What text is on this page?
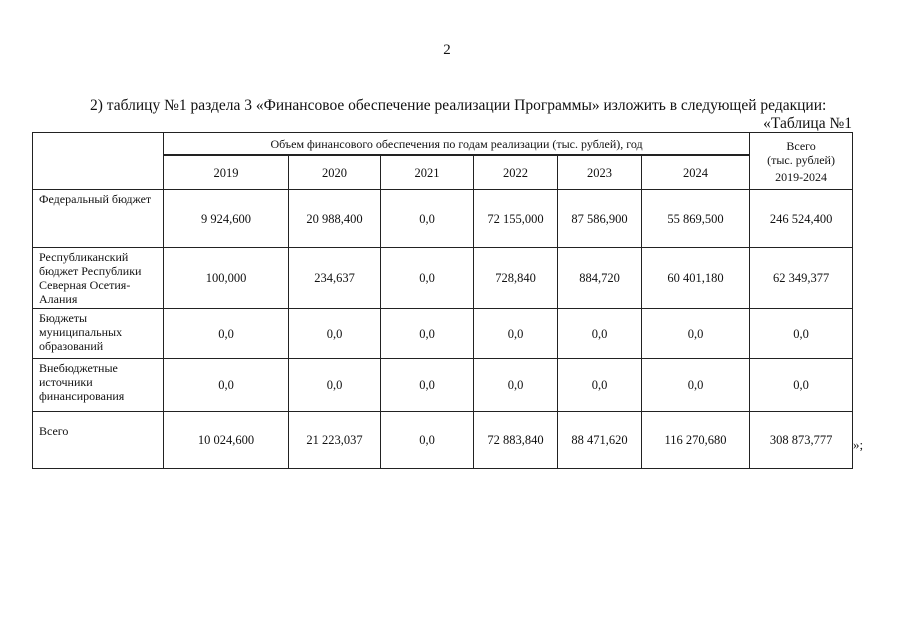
2
2) таблицу №1 раздела 3 «Финансовое обеспечение реализации Программы» изложить в следующей редакции:
«Таблица №1
	Объем финансового обеспечения по годам реализации (тыс. рублей), год						Всего
(тыс. рублей)
2019-2024

	2019	2020	2021	2022	2023	2024	
Федеральный бюджет	9 924,600	20 988,400	0,0	72 155,000	87 586,900	55 869,500	246 524,400
Республиканский бюджет Республики Северная Осетия-Алания	100,000	234,637	0,0	728,840	884,720	60 401,180	62 349,377
Бюджеты муниципальных образований	0,0	0,0	0,0	0,0	0,0	0,0	0,0
Внебюджетные источники финансирования	0,0	0,0	0,0	0,0	0,0	0,0	0,0
Всего	10 024,600	21 223,037	0,0	72 883,840	88 471,620	116 270,680	308 873,777 »;
